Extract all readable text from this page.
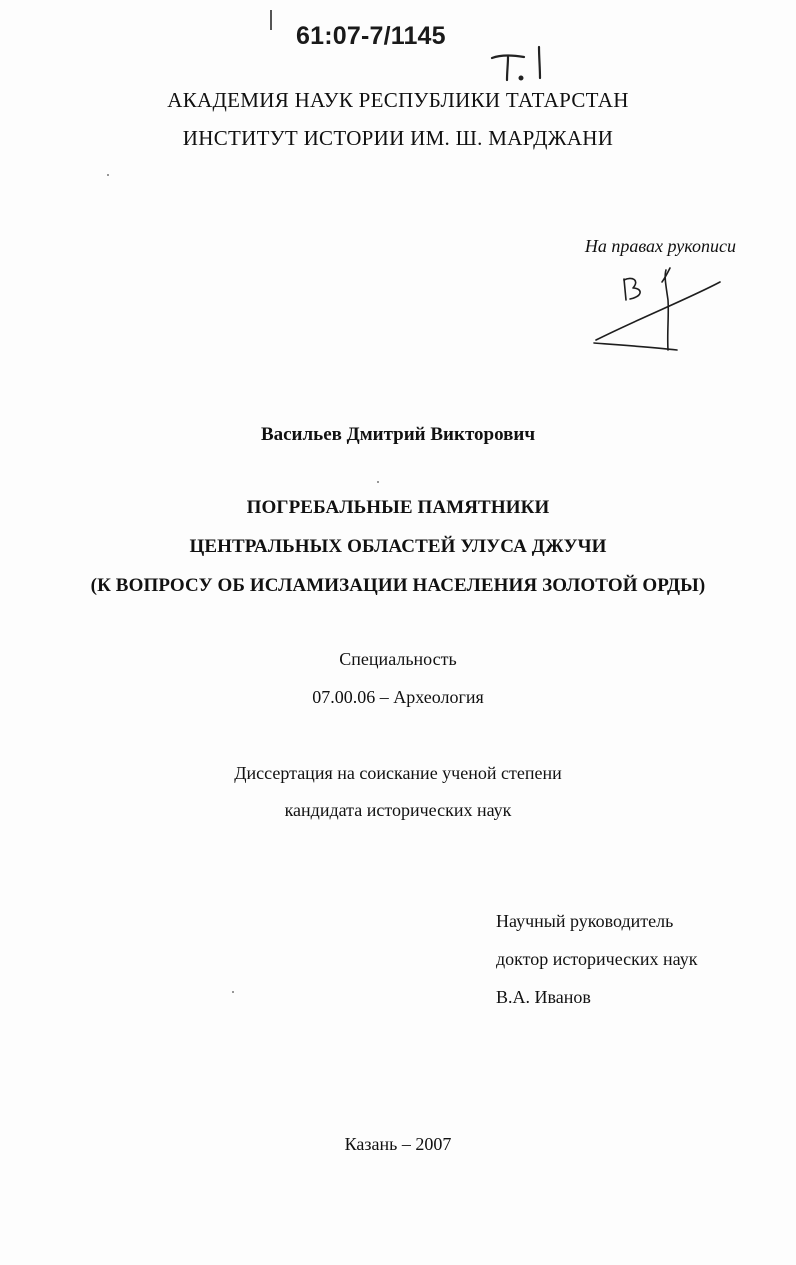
61:07-7/1145
АКАДЕМИЯ НАУК РЕСПУБЛИКИ ТАТАРСТАН
ИНСТИТУТ ИСТОРИИ ИМ. Ш. МАРДЖАНИ
На правах рукописи
Васильев Дмитрий Викторович
ПОГРЕБАЛЬНЫЕ ПАМЯТНИКИ
ЦЕНТРАЛЬНЫХ ОБЛАСТЕЙ УЛУСА ДЖУЧИ
(К ВОПРОСУ ОБ ИСЛАМИЗАЦИИ НАСЕЛЕНИЯ ЗОЛОТОЙ ОРДЫ)
Специальность
07.00.06 – Археология
Диссертация на соискание ученой степени
кандидата исторических наук
Научный руководитель
доктор исторических наук
В.А. Иванов
Казань – 2007
